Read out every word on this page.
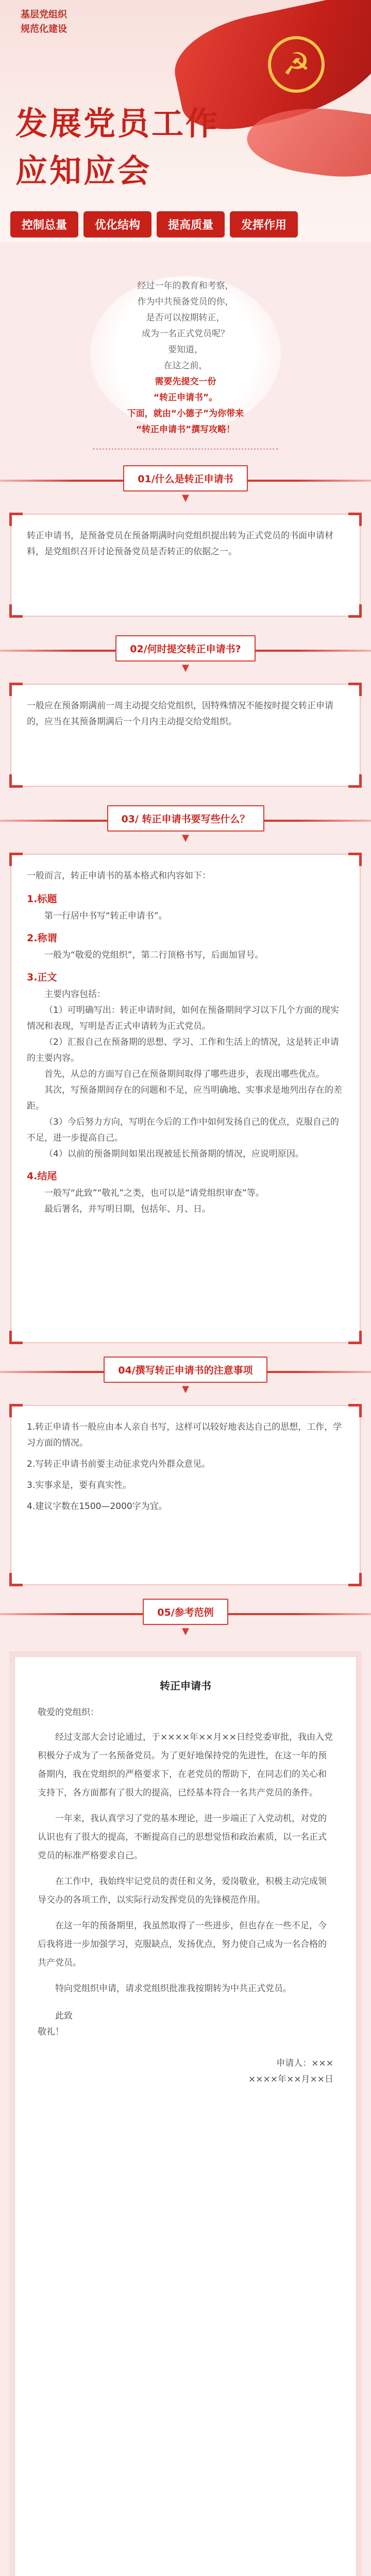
☭
基层党组织
规范化建设
发展党员工作
应知应会
控制总量	优化结构	提高质量	发挥作用
经过一年的教育和考察，
作为中共预备党员的你，
是否可以按期转正，
成为一名正式党员呢？
要知道，
在这之前，
需要先提交一份
“转正申请书”。
下面，就由“小德子”为你带来
“转正申请书”撰写攻略！
01/什么是转正申请书
▼

转正申请书，是预备党员在预备期满时向党组织提出转为正式党员的书面申请材料，是党组织召开讨论预备党员是否转正的依据之一。

02/何时提交转正申请书?
▼

一般应在预备期满前一周主动提交给党组织，因特殊情况不能按时提交转正申请的，应当在其预备期满后一个月内主动提交给党组织。

03/ 转正申请书要写些什么？
▼

一般而言，转正申请书的基本格式和内容如下：

1.标题

第一行居中书写“转正申请书”。

2.称谓

一般为“敬爱的党组织”，第二行顶格书写，后面加冒号。

3.正文

主要内容包括：

（1）可明确写出：转正申请时间，如何在预备期间学习以下几个方面的现实情况和表现，写明是否正式申请转为正式党员。

（2）汇报自己在预备期的思想、学习、工作和生活上的情况，这是转正申请的主要内容。

首先，从总的方面写自己在预备期间取得了哪些进步，表现出哪些优点。

其次，写预备期间存在的问题和不足，应当明确地、实事求是地列出存在的差距。

（3）今后努力方向，写明在今后的工作中如何发扬自己的优点，克服自己的不足，进一步提高自己。

（4）以前的预备期间如果出现被延长预备期的情况，应说明原因。

4.结尾

一般写“此致”“敬礼”之类，也可以是“请党组织审查”等。

最后署名，并写明日期，包括年、月、日。

04/撰写转正申请书的注意事项
▼

1.转正申请书一般应由本人亲自书写，这样可以较好地表达自己的思想，工作，学习方面的情况。

2.写转正申请书前要主动征求党内外群众意见。

3.实事求是，要有真实性。

4.建议字数在1500—2000字为宜。

05/参考范例
▼
转正申请书

敬爱的党组织：

经过支部大会讨论通过，于××××年××月××日经党委审批，我由入党积极分子成为了一名预备党员。为了更好地保持党的先进性，在这一年的预备期内，我在党组织的严格要求下，在老党员的帮助下，在同志们的关心和支持下，各方面都有了很大的提高，已经基本符合一名共产党员的条件。

一年来，我认真学习了党的基本理论，进一步端正了入党动机，对党的认识也有了很大的提高，不断提高自己的思想觉悟和政治素质，以一名正式党员的标准严格要求自己。

在工作中，我始终牢记党员的责任和义务，爱岗敬业，积极主动完成领导交办的各项工作，以实际行动发挥党员的先锋模范作用。

在这一年的预备期里，我虽然取得了一些进步，但也存在一些不足，今后我将进一步加强学习，克服缺点，发扬优点，努力使自己成为一名合格的共产党员。

特向党组织申请，请求党组织批准我按期转为中共正式党员。

此致

敬礼！

申请人：×××

××××年××月××日
